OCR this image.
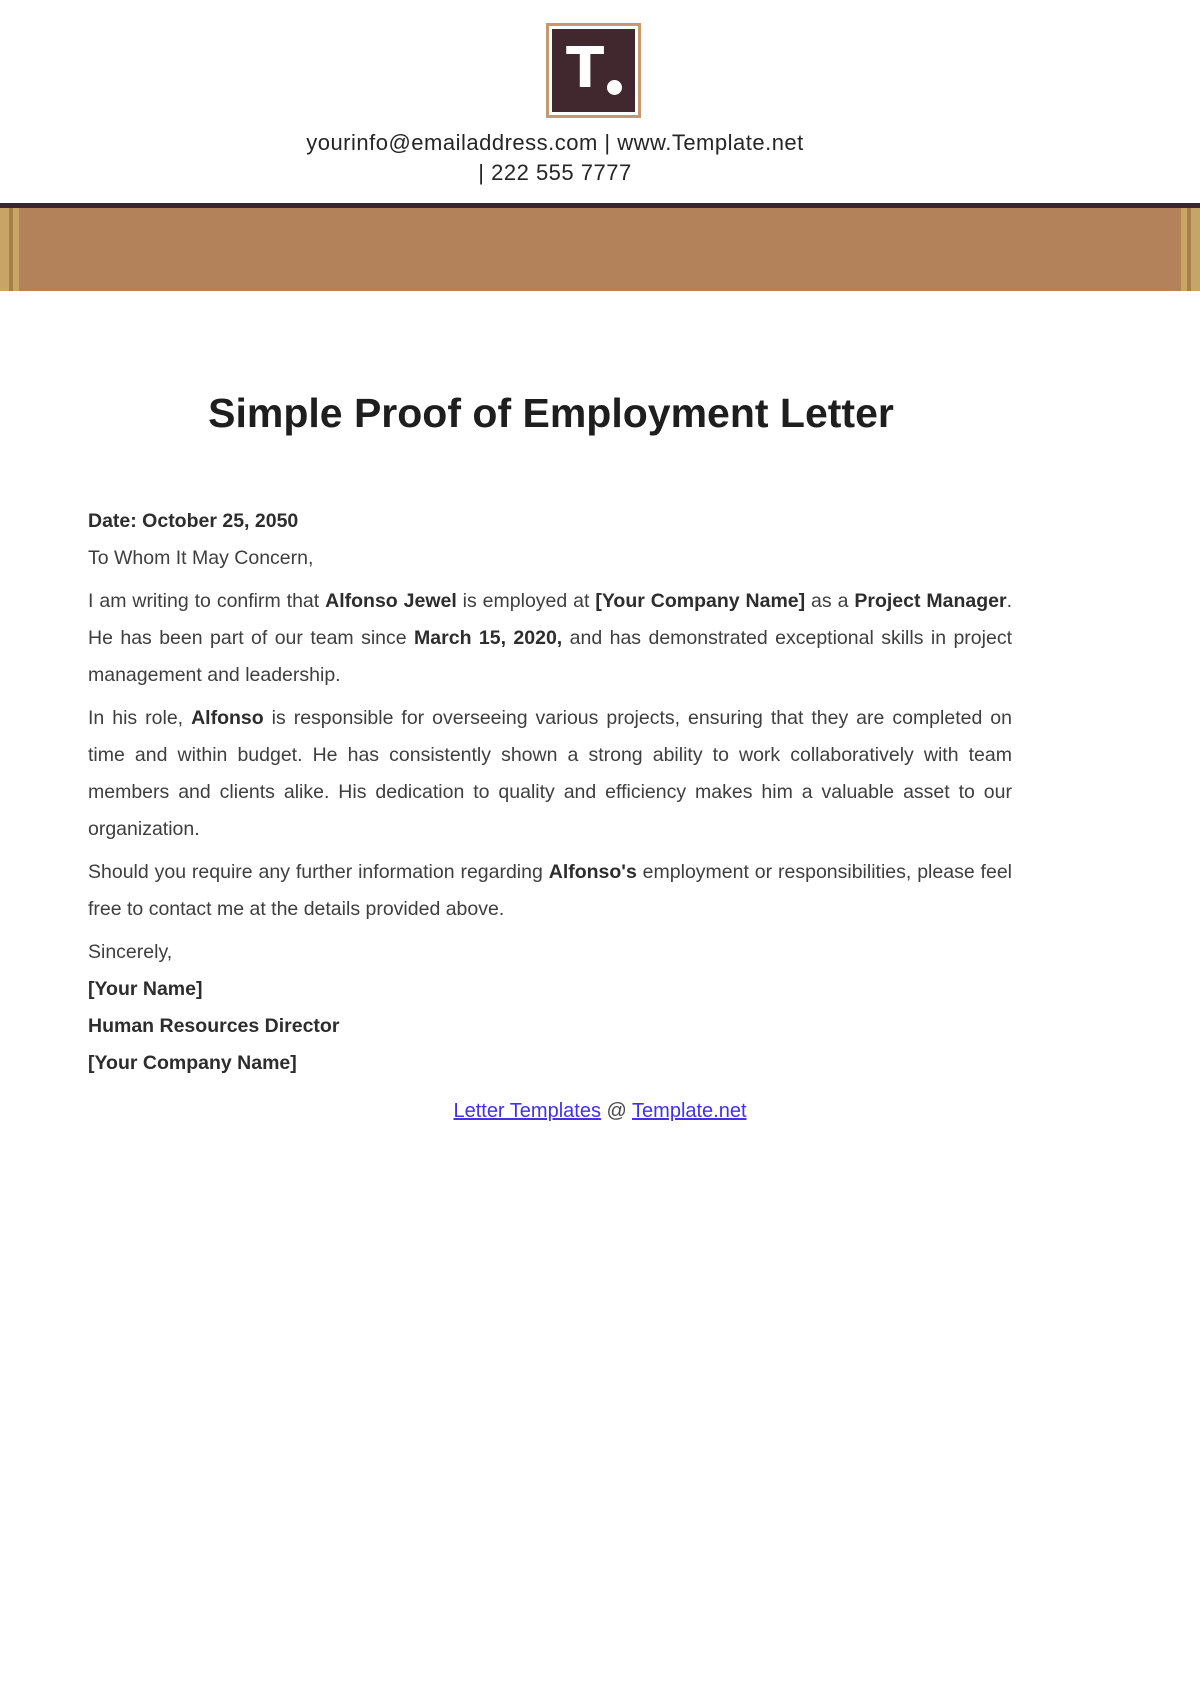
T
yourinfo@emailaddress.com | www.Template.net
| 222 555 7777
Simple Proof of Employment Letter

Date: October 25, 2050

To Whom It May Concern,

I am writing to confirm that Alfonso Jewel is employed at [Your Company Name] as a Project Manager. He has been part of our team since March 15, 2020, and has demonstrated exceptional skills in project management and leadership.

In his role, Alfonso is responsible for overseeing various projects, ensuring that they are completed on time and within budget. He has consistently shown a strong ability to work collaboratively with team members and clients alike. His dedication to quality and efficiency makes him a valuable asset to our organization.

Should you require any further information regarding Alfonso's employment or responsibilities, please feel free to contact me at the details provided above.

Sincerely,

[Your Name]

Human Resources Director

[Your Company Name]

Letter Templates @ Template.net
